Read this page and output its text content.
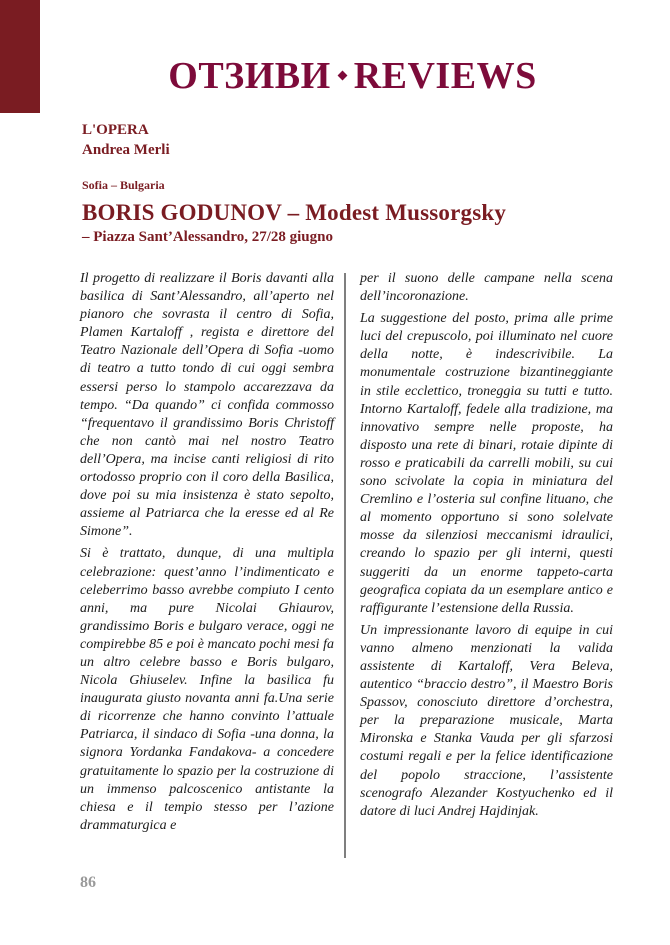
ОТЗИВИ REVIEWS
L'OPERA
Andrea Merli
Sofia – Bulgaria
BORIS GODUNOV – Modest Mussorgsky
– Piazza Sant’Alessandro, 27/28 giugno

Il progetto di realizzare il Boris davanti alla basilica di Sant’Alessandro, all’aperto nel pianoro che sovrasta il centro di Sofia, Plamen Kartaloff , regista e direttore del Teatro Nazionale dell’Opera di Sofia -uomo di teatro a tutto tondo di cui oggi sembra essersi perso lo stampolo accarezzava da tempo. “Da quando” ci confida commosso “frequentavo il grandissimo Boris Christoff che non cantò mai nel nostro Teatro dell’Opera, ma incise canti religiosi di rito ortodosso proprio con il coro della Basilica, dove poi su mia insistenza è stato sepolto, assieme al Patriarca che la eresse ed al Re Simone”.

Si è trattato, dunque, di una multipla celebrazione: quest’anno l’indimenticato e celeberrimo basso avrebbe compiuto I cento anni, ma pure Nicolai Ghiaurov, grandissimo Boris e bulgaro verace, oggi ne compirebbe 85 e poi è mancato pochi mesi fa un altro celebre basso e Boris bulgaro, Nicola Ghiuselev. Infine la basilica fu inaugurata giusto novanta anni fa.Una serie di ricorrenze che hanno convinto l’attuale Patriarca, il sindaco di Sofia -una donna, la signora Yordanka Fandakova- a concedere gratuitamente lo spazio per la costruzione di un immenso palcoscenico antistante la chiesa e il tempio stesso per l’azione drammaturgica e

per il suono delle campane nella scena dell’incoronazione.

La suggestione del posto, prima alle prime luci del crepuscolo, poi illuminato nel cuore della notte, è indescrivibile. La monumentale costruzione bizantineggiante in stile ecclettico, troneggia su tutti e tutto. Intorno Kartaloff, fedele alla tradizione, ma innovativo sempre nelle proposte, ha disposto una rete di binari, rotaie dipinte di rosso e praticabili da carrelli mobili, su cui sono scivolate la copia in miniatura del Cremlino e l’osteria sul confine lituano, che al momento opportuno si sono solelvate mosse da silenziosi meccanismi idraulici, creando lo spazio per gli interni, questi suggeriti da un enorme tappeto-carta geografica copiata da un esemplare antico e raffigurante l’estensione della Russia.

Un impressionante lavoro di equipe in cui vanno almeno menzionati la valida assistente di Kartaloff, Vera Beleva, autentico “braccio destro”, il Maestro Boris Spassov, conosciuto direttore d’orchestra, per la preparazione musicale, Marta Mironska e Stanka Vauda per gli sfarzosi costumi regali e per la felice identificazione del popolo straccione, l’assistente scenografo Alezander Kostyuchenko ed il datore di luci Andrej Hajdinjak.

86
